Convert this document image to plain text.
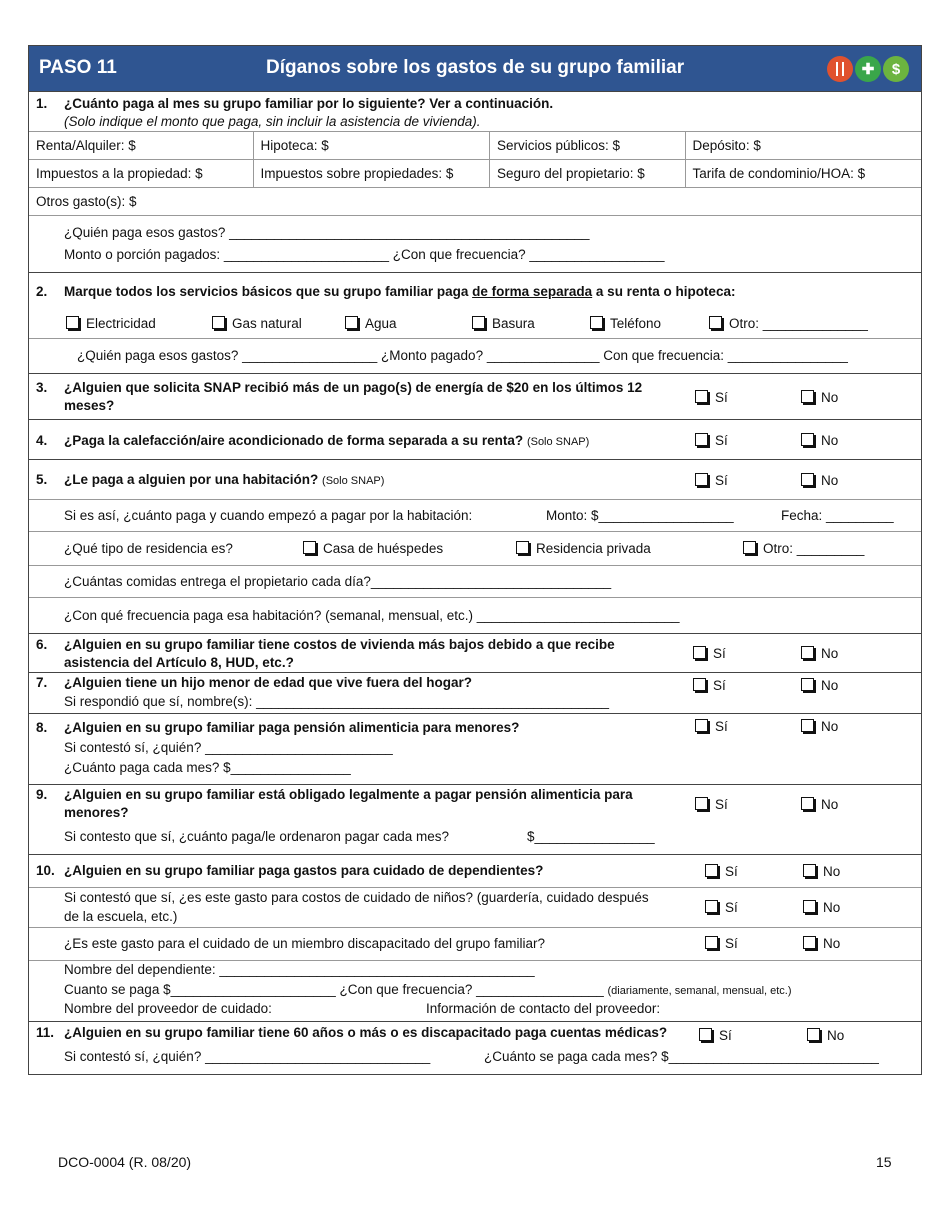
PASO 11	Díganos sobre los gastos de su grupo familiar	✚	$
1. ¿Cuánto paga al mes su grupo familiar por lo siguiente? Ver a continuación.
(Solo indique el monto que paga, sin incluir la asistencia de vivienda).
Renta/Alquiler: $	Hipoteca: $	Servicios públicos: $	Depósito: $
Impuestos a la propiedad: $	Impuestos sobre propiedades: $	Seguro del propietario: $	Tarifa de condominio/HOA: $
Otros gasto(s): $
¿Quién paga esos gastos? ________________________________________________
Monto o porción pagados: ______________________ ¿Con que frecuencia? __________________
2. Marque todos los servicios básicos que su grupo familiar paga de forma separada a su renta o hipoteca:
Electricidad	Gas natural	Agua	Basura	Teléfono	Otro: ______________
¿Quién paga esos gastos? __________________ ¿Monto pagado? _______________ Con que frecuencia: ________________
3. ¿Alguien que solicita SNAP recibió más de un pago(s) de energía de $20 en los últimos 12
meses?
Sí	No
4. ¿Paga la calefacción/aire acondicionado de forma separada a su renta? (Solo SNAP)	Sí	No
5. ¿Le paga a alguien por una habitación? (Solo SNAP)	Sí	No
Si es así, ¿cuánto paga y cuando empezó a pagar por la habitación:	Monto: $__________________	Fecha: _________
¿Qué tipo de residencia es?	Casa de huéspedes	Residencia privada	Otro: _________
¿Cuántas comidas entrega el propietario cada día?________________________________
¿Con qué frecuencia paga esa habitación? (semanal, mensual, etc.) ___________________________
6. ¿Alguien en su grupo familiar tiene costos de vivienda más bajos debido a que recibe
asistencia del Artículo 8, HUD, etc.?
Sí	No
7. ¿Alguien tiene un hijo menor de edad que vive fuera del hogar?
Si respondió que sí, nombre(s): _______________________________________________
Sí	No
8. ¿Alguien en su grupo familiar paga pensión alimenticia para menores?
Si contestó sí, ¿quién? _________________________
¿Cuánto paga cada mes? $________________
Sí	No
9. ¿Alguien en su grupo familiar está obligado legalmente a pagar pensión alimenticia para
menores?
Si contesto que sí, ¿cuánto paga/le ordenaron pagar cada mes?	$________________
Sí	No
10. ¿Alguien en su grupo familiar paga gastos para cuidado de dependientes?	Sí	No
Si contestó que sí, ¿es este gasto para costos de cuidado de niños? (guardería, cuidado después
de la escuela, etc.)
Sí	No
¿Es este gasto para el cuidado de un miembro discapacitado del grupo familiar?	Sí	No
Nombre del dependiente: __________________________________________
Cuanto se paga $______________________ ¿Con que frecuencia? _________________ (diariamente, semanal, mensual, etc.)
Nombre del proveedor de cuidado:	Información de contacto del proveedor:
11. ¿Alguien en su grupo familiar tiene 60 años o más o es discapacitado paga cuentas médicas?
Si contestó sí, ¿quién? ______________________________	¿Cuánto se paga cada mes? $____________________________
Sí	No
DCO-0004 (R. 08/20)	15
